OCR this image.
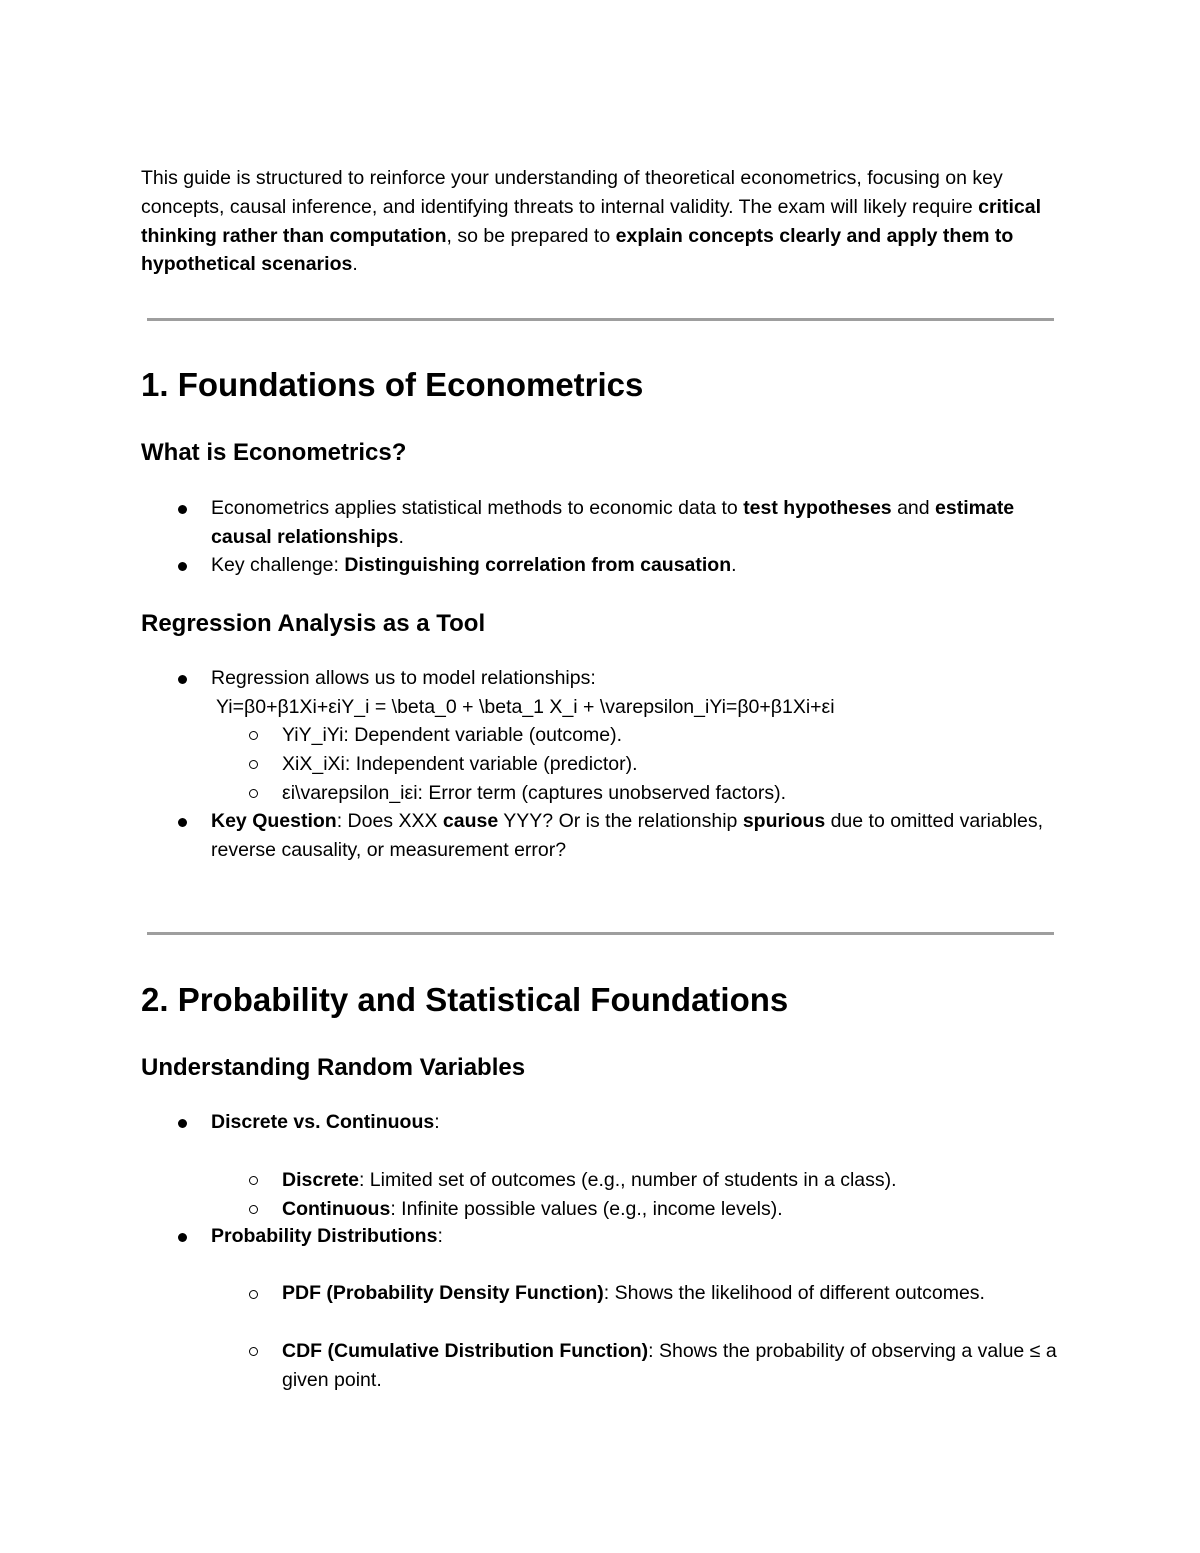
This guide is structured to reinforce your understanding of theoretical econometrics, focusing on key concepts, causal inference, and identifying threats to internal validity. The exam will likely require critical thinking rather than computation, so be prepared to explain concepts clearly and apply them to hypothetical scenarios.
1. Foundations of Econometrics
What is Econometrics?
Econometrics applies statistical methods to economic data to test hypotheses and estimate causal relationships.
Key challenge: Distinguishing correlation from causation.
Regression Analysis as a Tool
Regression allows us to model relationships:
Yi=β0+β1Xi+εiY_i = \beta_0 + \beta_1 X_i + \varepsilon_iYi​=β0​+β1​Xi​+εi​
YiY_iYi​: Dependent variable (outcome).
XiX_iXi​: Independent variable (predictor).
εi\varepsilon_iεi​: Error term (captures unobserved factors).
Key Question: Does XXX cause YYY? Or is the relationship spurious due to omitted variables, reverse causality, or measurement error?
2. Probability and Statistical Foundations
Understanding Random Variables
Discrete vs. Continuous:
Discrete: Limited set of outcomes (e.g., number of students in a class).
Continuous: Infinite possible values (e.g., income levels).
Probability Distributions:
PDF (Probability Density Function): Shows the likelihood of different outcomes.
CDF (Cumulative Distribution Function): Shows the probability of observing a value ≤ a given point.
